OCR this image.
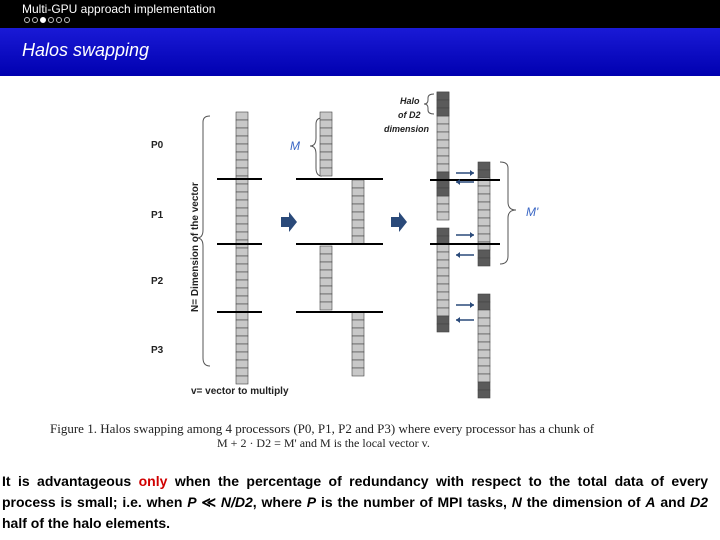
Multi-GPU approach implementation
Halos swapping
P0
P1
P2
P3
N= Dimension of the vector
v= vector to multiply
M
M'
Halo
of D2
dimension
Figure 1. Halos swapping among 4 processors (P0, P1, P2 and P3) where every processor has a chunk of
M + 2 · D2 = M' and M is the local vector v.
It is advantageous only when the percentage of redundancy with respect to the total data of every process is small; i.e. when P ≪ N/D2, where P is the number of MPI tasks, N the dimension of A and D2 half of the halo elements.
